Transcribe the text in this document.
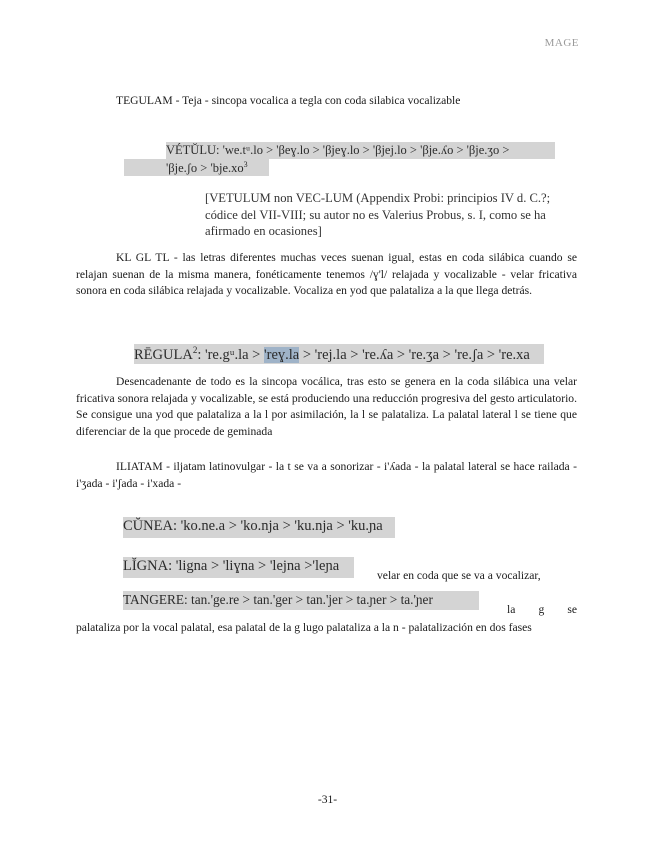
MAGE
TEGULAM - Teja - sincopa vocalica a tegla con coda silabica vocalizable
VÉTŬLU: 'we.tᵘ.lo > 'βeɣ.lo > 'βjeɣ.lo > 'βjej.lo > 'βje.ʎo > 'βje.ʒo >
'βje.ʃo > '$bje.xo^3$
[VETULUM non VEC-LUM (Appendix Probi: principios IV d. C.?; códice del VII-VIII; su autor no es Valerius Probus, s. I, como se ha afirmado en ocasiones]
KL GL TL - las letras diferentes muchas veces suenan igual, estas en coda silábica cuando se relajan suenan de la misma manera, fonéticamente tenemos /ɣ'l/ relajada y vocalizable - velar fricativa sonora en coda silábica relajada y vocalizable. Vocaliza en yod que palataliza a la que llega detrás.
RĒGULA$^2$: 're.gᵘ.la > 'reɣ.la > 'rej.la > 're.ʎa > 're.ʒa > 're.ʃa > 're.xa
Desencadenante de todo es la sincopa vocálica, tras esto se genera en la coda silábica una velar fricativa sonora relajada y vocalizable, se está produciendo una reducción progresiva del gesto articulatorio. Se consigue una yod que palataliza a la l por asimilación, la l se palataliza. La palatal lateral l se tiene que diferenciar de la que procede de geminada
ILIATAM - iljatam latinovulgar - la t se va a sonorizar - i'ʎada - la palatal lateral se hace railada - i'ʒada - i'ʃada - i'xada -
CŬNEA: 'ko.ne.a > 'ko.nja > 'ku.nja > 'ku.ɲa
LĬGNA: 'ligna > 'liɣna > 'lejna >'leɲa
velar en coda que se va a vocalizar,
TANGERE: tan.'ge.re > tan.'ger > tan.'jer > ta.ɲer > ta.'ɲer
la g se
palataliza por la vocal palatal, esa palatal de la g lugo palataliza a la n - palatalización en dos fases
-31-
